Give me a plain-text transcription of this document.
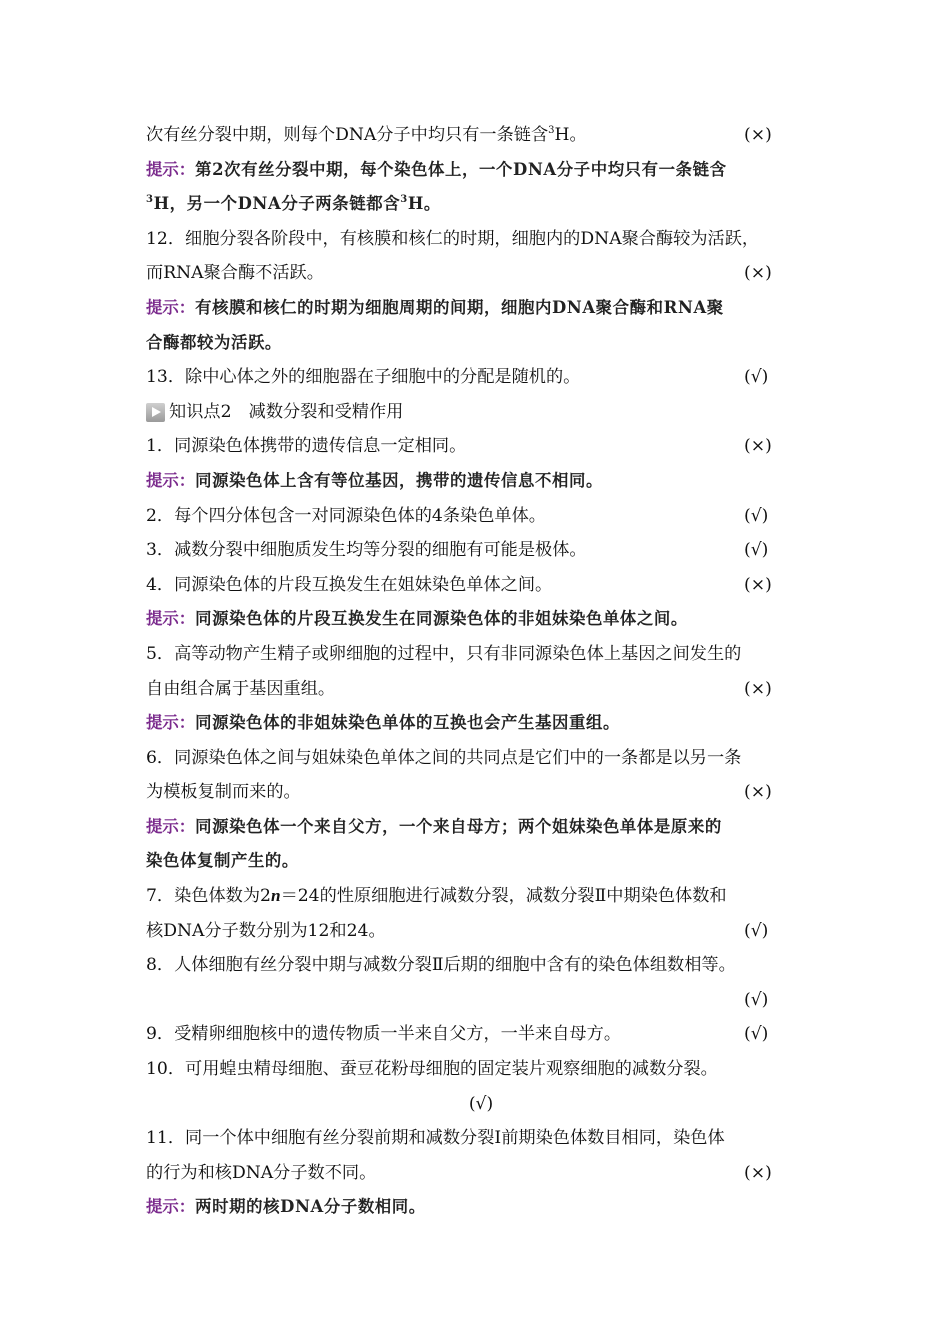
次有丝分裂中期，则每个DNA分子中均只有一条链含$^3$H。	(×)
提示：第2次有丝分裂中期，每个染色体上，一个DNA分子中均只有一条链含
$^3$H，另一个DNA分子两条链都含$^3$H。
12．细胞分裂各阶段中，有核膜和核仁的时期，细胞内的DNA聚合酶较为活跃，
而RNA聚合酶不活跃。	(×)
提示：有核膜和核仁的时期为细胞周期的间期，细胞内DNA聚合酶和RNA聚
合酶都较为活跃。
13．除中心体之外的细胞器在子细胞中的分配是随机的。	(√)
知识点2　减数分裂和受精作用
1．同源染色体携带的遗传信息一定相同。	(×)
提示：同源染色体上含有等位基因，携带的遗传信息不相同。
2．每个四分体包含一对同源染色体的4条染色单体。	(√)
3．减数分裂中细胞质发生均等分裂的细胞有可能是极体。	(√)
4．同源染色体的片段互换发生在姐妹染色单体之间。	(×)
提示：同源染色体的片段互换发生在同源染色体的非姐妹染色单体之间。
5．高等动物产生精子或卵细胞的过程中，只有非同源染色体上基因之间发生的
自由组合属于基因重组。	(×)
提示：同源染色体的非姐妹染色单体的互换也会产生基因重组。
6．同源染色体之间与姐妹染色单体之间的共同点是它们中的一条都是以另一条
为模板复制而来的。	(×)
提示：同源染色体一个来自父方，一个来自母方；两个姐妹染色单体是原来的
染色体复制产生的。
7．染色体数为2n＝24的性原细胞进行减数分裂，减数分裂Ⅱ中期染色体数和
核DNA分子数分别为12和24。	(√)
8．人体细胞有丝分裂中期与减数分裂Ⅱ后期的细胞中含有的染色体组数相等。
(√)
9．受精卵细胞核中的遗传物质一半来自父方，一半来自母方。	(√)
10．可用蝗虫精母细胞、蚕豆花粉母细胞的固定装片观察细胞的减数分裂。
(√)
11．同一个体中细胞有丝分裂前期和减数分裂Ⅰ前期染色体数目相同，染色体
的行为和核DNA分子数不同。	(×)
提示：两时期的核DNA分子数相同。
